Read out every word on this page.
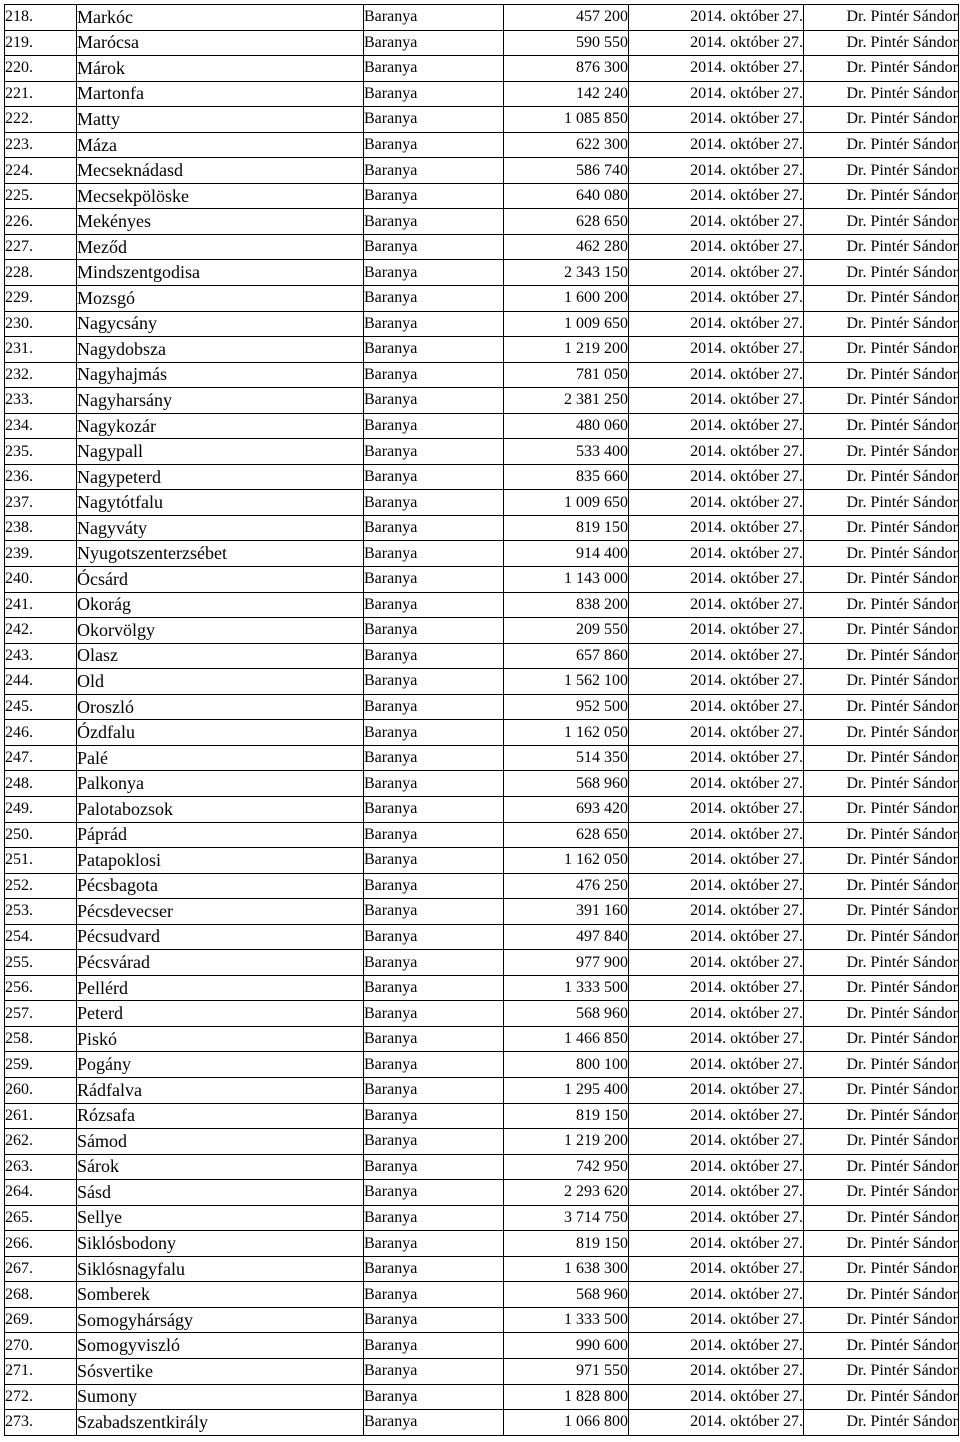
218.	Markóc	Baranya	457 200	2014. október 27.	Dr. Pintér Sándor
219.	Marócsa	Baranya	590 550	2014. október 27.	Dr. Pintér Sándor
220.	Márok	Baranya	876 300	2014. október 27.	Dr. Pintér Sándor
221.	Martonfa	Baranya	142 240	2014. október 27.	Dr. Pintér Sándor
222.	Matty	Baranya	1 085 850	2014. október 27.	Dr. Pintér Sándor
223.	Máza	Baranya	622 300	2014. október 27.	Dr. Pintér Sándor
224.	Mecseknádasd	Baranya	586 740	2014. október 27.	Dr. Pintér Sándor
225.	Mecsekpölöske	Baranya	640 080	2014. október 27.	Dr. Pintér Sándor
226.	Mekényes	Baranya	628 650	2014. október 27.	Dr. Pintér Sándor
227.	Meződ	Baranya	462 280	2014. október 27.	Dr. Pintér Sándor
228.	Mindszentgodisa	Baranya	2 343 150	2014. október 27.	Dr. Pintér Sándor
229.	Mozsgó	Baranya	1 600 200	2014. október 27.	Dr. Pintér Sándor
230.	Nagycsány	Baranya	1 009 650	2014. október 27.	Dr. Pintér Sándor
231.	Nagydobsza	Baranya	1 219 200	2014. október 27.	Dr. Pintér Sándor
232.	Nagyhajmás	Baranya	781 050	2014. október 27.	Dr. Pintér Sándor
233.	Nagyharsány	Baranya	2 381 250	2014. október 27.	Dr. Pintér Sándor
234.	Nagykozár	Baranya	480 060	2014. október 27.	Dr. Pintér Sándor
235.	Nagypall	Baranya	533 400	2014. október 27.	Dr. Pintér Sándor
236.	Nagypeterd	Baranya	835 660	2014. október 27.	Dr. Pintér Sándor
237.	Nagytótfalu	Baranya	1 009 650	2014. október 27.	Dr. Pintér Sándor
238.	Nagyváty	Baranya	819 150	2014. október 27.	Dr. Pintér Sándor
239.	Nyugotszenterzsébet	Baranya	914 400	2014. október 27.	Dr. Pintér Sándor
240.	Ócsárd	Baranya	1 143 000	2014. október 27.	Dr. Pintér Sándor
241.	Okorág	Baranya	838 200	2014. október 27.	Dr. Pintér Sándor
242.	Okorvölgy	Baranya	209 550	2014. október 27.	Dr. Pintér Sándor
243.	Olasz	Baranya	657 860	2014. október 27.	Dr. Pintér Sándor
244.	Old	Baranya	1 562 100	2014. október 27.	Dr. Pintér Sándor
245.	Oroszló	Baranya	952 500	2014. október 27.	Dr. Pintér Sándor
246.	Ózdfalu	Baranya	1 162 050	2014. október 27.	Dr. Pintér Sándor
247.	Palé	Baranya	514 350	2014. október 27.	Dr. Pintér Sándor
248.	Palkonya	Baranya	568 960	2014. október 27.	Dr. Pintér Sándor
249.	Palotabozsok	Baranya	693 420	2014. október 27.	Dr. Pintér Sándor
250.	Páprád	Baranya	628 650	2014. október 27.	Dr. Pintér Sándor
251.	Patapoklosi	Baranya	1 162 050	2014. október 27.	Dr. Pintér Sándor
252.	Pécsbagota	Baranya	476 250	2014. október 27.	Dr. Pintér Sándor
253.	Pécsdevecser	Baranya	391 160	2014. október 27.	Dr. Pintér Sándor
254.	Pécsudvard	Baranya	497 840	2014. október 27.	Dr. Pintér Sándor
255.	Pécsvárad	Baranya	977 900	2014. október 27.	Dr. Pintér Sándor
256.	Pellérd	Baranya	1 333 500	2014. október 27.	Dr. Pintér Sándor
257.	Peterd	Baranya	568 960	2014. október 27.	Dr. Pintér Sándor
258.	Piskó	Baranya	1 466 850	2014. október 27.	Dr. Pintér Sándor
259.	Pogány	Baranya	800 100	2014. október 27.	Dr. Pintér Sándor
260.	Rádfalva	Baranya	1 295 400	2014. október 27.	Dr. Pintér Sándor
261.	Rózsafa	Baranya	819 150	2014. október 27.	Dr. Pintér Sándor
262.	Sámod	Baranya	1 219 200	2014. október 27.	Dr. Pintér Sándor
263.	Sárok	Baranya	742 950	2014. október 27.	Dr. Pintér Sándor
264.	Sásd	Baranya	2 293 620	2014. október 27.	Dr. Pintér Sándor
265.	Sellye	Baranya	3 714 750	2014. október 27.	Dr. Pintér Sándor
266.	Siklósbodony	Baranya	819 150	2014. október 27.	Dr. Pintér Sándor
267.	Siklósnagyfalu	Baranya	1 638 300	2014. október 27.	Dr. Pintér Sándor
268.	Somberek	Baranya	568 960	2014. október 27.	Dr. Pintér Sándor
269.	Somogyhárságy	Baranya	1 333 500	2014. október 27.	Dr. Pintér Sándor
270.	Somogyviszló	Baranya	990 600	2014. október 27.	Dr. Pintér Sándor
271.	Sósvertike	Baranya	971 550	2014. október 27.	Dr. Pintér Sándor
272.	Sumony	Baranya	1 828 800	2014. október 27.	Dr. Pintér Sándor
273.	Szabadszentkirály	Baranya	1 066 800	2014. október 27.	Dr. Pintér Sándor
